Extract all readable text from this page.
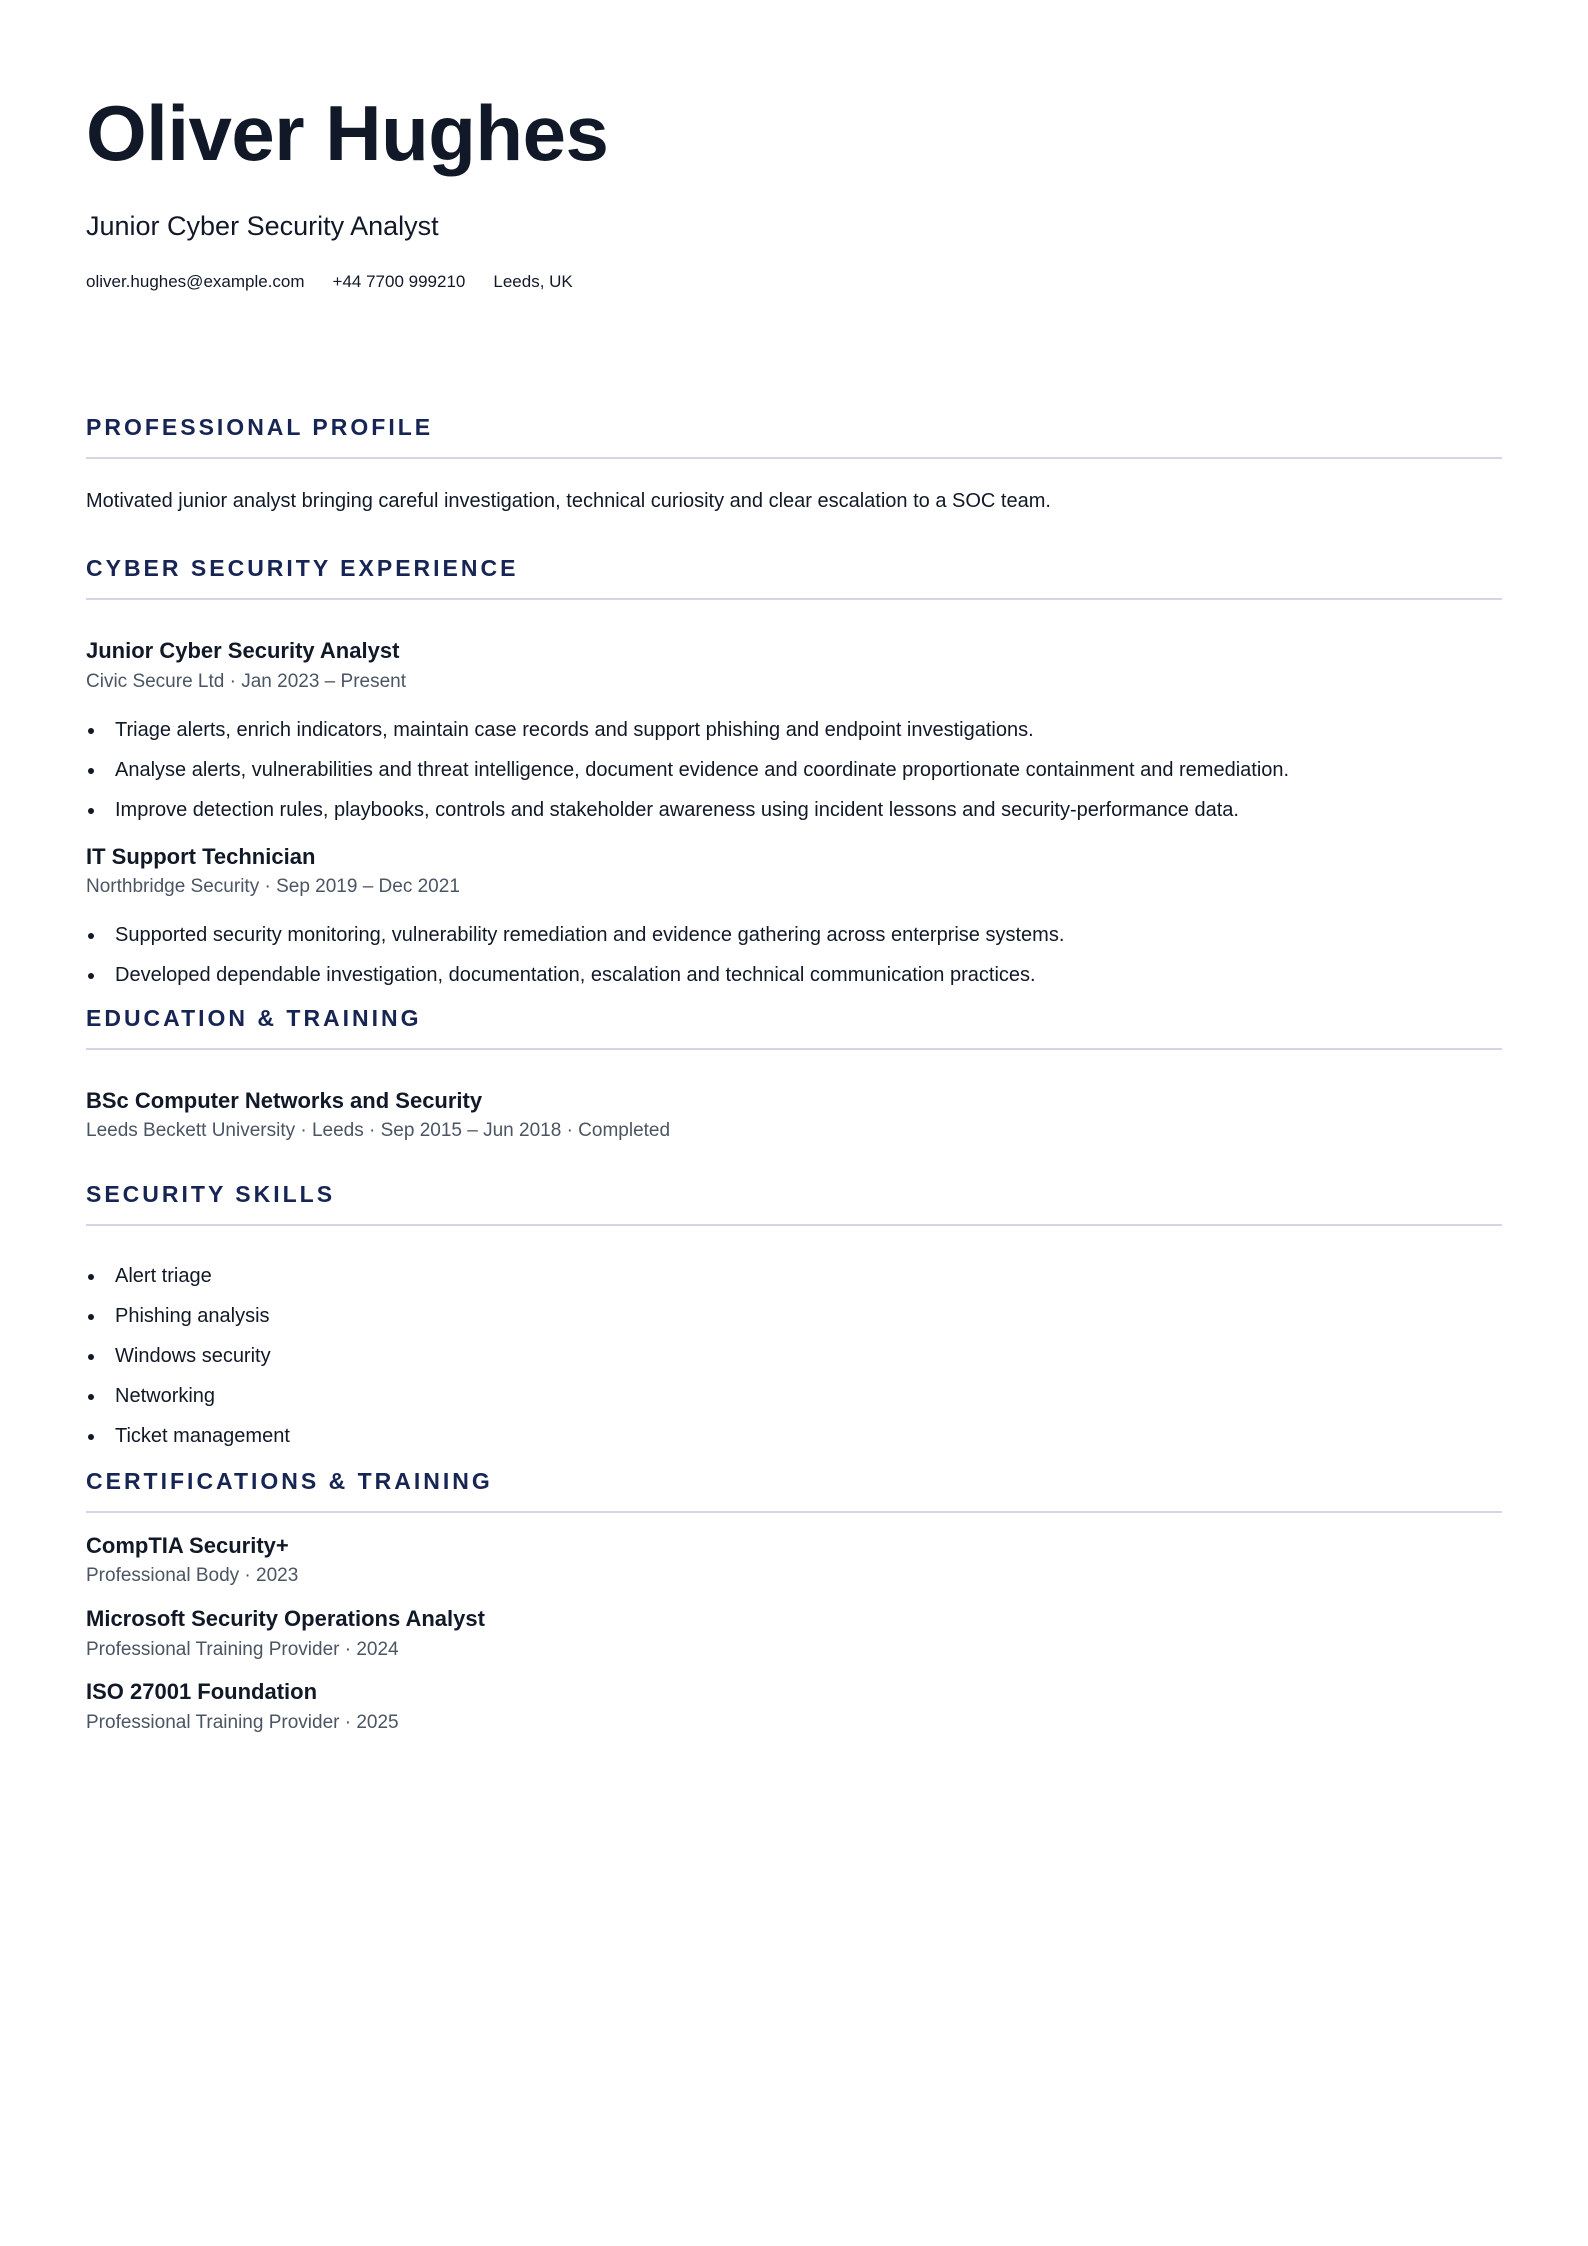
Oliver Hughes
Junior Cyber Security Analyst
oliver.hughes@example.com +44 7700 999210 Leeds, UK
PROFESSIONAL PROFILE

Motivated junior analyst bringing careful investigation, technical curiosity and clear escalation to a SOC team.

CYBER SECURITY EXPERIENCE
Junior Cyber Security Analyst
Civic Secure Ltd · Jan 2023 – Present
Triage alerts, enrich indicators, maintain case records and support phishing and endpoint investigations.
Analyse alerts, vulnerabilities and threat intelligence, document evidence and coordinate proportionate containment and remediation.
Improve detection rules, playbooks, controls and stakeholder awareness using incident lessons and security-performance data.
IT Support Technician
Northbridge Security · Sep 2019 – Dec 2021
Supported security monitoring, vulnerability remediation and evidence gathering across enterprise systems.
Developed dependable investigation, documentation, escalation and technical communication practices.
EDUCATION & TRAINING
BSc Computer Networks and Security
Leeds Beckett University · Leeds · Sep 2015 – Jun 2018 · Completed
SECURITY SKILLS
Alert triage
Phishing analysis
Windows security
Networking
Ticket management
CERTIFICATIONS & TRAINING
CompTIA Security+
Professional Body · 2023
Microsoft Security Operations Analyst
Professional Training Provider · 2024
ISO 27001 Foundation
Professional Training Provider · 2025
